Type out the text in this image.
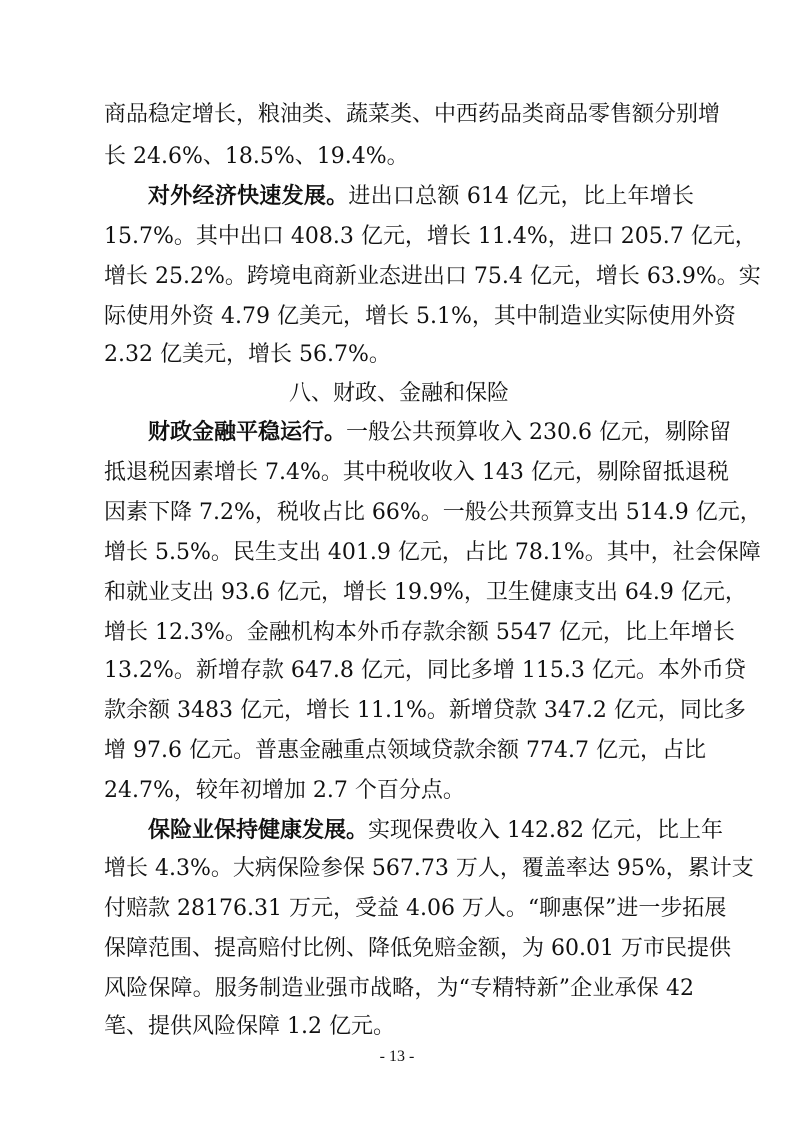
商品稳定增长，粮油类、蔬菜类、中西药品类商品零售额分别增
长 24.6%、18.5%、19.4%。
对外经济快速发展。进出口总额 614 亿元，比上年增长
15.7%。其中出口 408.3 亿元，增长 11.4%，进口 205.7 亿元，
增长 25.2%。跨境电商新业态进出口 75.4 亿元，增长 63.9%。实
际使用外资 4.79 亿美元，增长 5.1%，其中制造业实际使用外资
2.32 亿美元，增长 56.7%。
八、财政、金融和保险
财政金融平稳运行。一般公共预算收入 230.6 亿元，剔除留
抵退税因素增长 7.4%。其中税收收入 143 亿元，剔除留抵退税
因素下降 7.2%，税收占比 66%。一般公共预算支出 514.9 亿元，
增长 5.5%。民生支出 401.9 亿元，占比 78.1%。其中，社会保障
和就业支出 93.6 亿元，增长 19.9%，卫生健康支出 64.9 亿元，
增长 12.3%。金融机构本外币存款余额 5547 亿元，比上年增长
13.2%。新增存款 647.8 亿元，同比多增 115.3 亿元。本外币贷
款余额 3483 亿元，增长 11.1%。新增贷款 347.2 亿元，同比多
增 97.6 亿元。普惠金融重点领域贷款余额 774.7 亿元，占比
24.7%，较年初增加 2.7 个百分点。
保险业保持健康发展。实现保费收入 142.82 亿元，比上年
增长 4.3%。大病保险参保 567.73 万人，覆盖率达 95%，累计支
付赔款 28176.31 万元，受益 4.06 万人。“聊惠保”进一步拓展
保障范围、提高赔付比例、降低免赔金额，为 60.01 万市民提供
风险保障。服务制造业强市战略，为“专精特新”企业承保 42
笔、提供风险保障 1.2 亿元。
- 13 -
